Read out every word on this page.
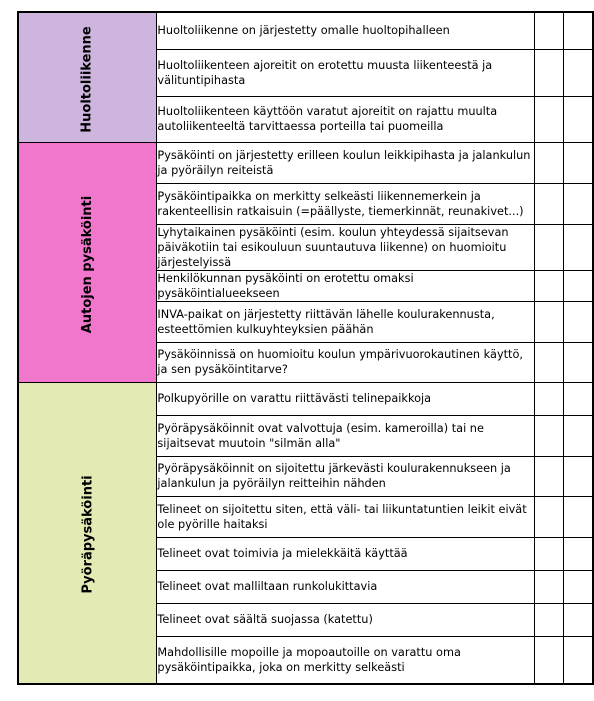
Huoltoliikenne	Huoltoliikenne on järjestetty omalle huoltopihalleen		
	Huoltoliikenteen ajoreitit on erotettu muusta liikenteestä ja välituntipihasta		
	Huoltoliikenteen käyttöön varatut ajoreitit on rajattu muulta autoliikenteeltä tarvittaessa porteilla tai puomeilla		
Autojen pysäköinti	Pysäköinti on järjestetty erilleen koulun leikkipihasta ja jalankulun ja pyöräilyn reiteistä		
	Pysäköintipaikka on merkitty selkeästi liikennemerkein ja rakenteellisin ratkaisuin (=päällyste, tiemerkinnät, reunakivet...)		
	Lyhytaikainen pysäköinti (esim. koulun yhteydessä sijaitsevan päiväkotiin tai esikouluun suuntautuva liikenne) on huomioitu järjestelyissä		
	Henkilökunnan pysäköinti on erotettu omaksi pysäköintialueekseen		
	INVA-paikat on järjestetty riittävän lähelle koulurakennusta, esteettömien kulkuyhteyksien päähän		
	Pysäköinnissä on huomioitu koulun ympärivuorokautinen käyttö, ja sen pysäköintitarve?		
Pyöräpysäköinti	Polkupyörille on varattu riittävästi telinepaikkoja		
	Pyöräpysäköinnit ovat valvottuja (esim. kameroilla) tai ne sijaitsevat muutoin "silmän alla"		
	Pyöräpysäköinnit on sijoitettu järkevästi koulurakennukseen ja jalankulun ja pyöräilyn reitteihin nähden		
	Telineet on sijoitettu siten, että väli- tai liikuntatuntien leikit eivät ole pyörille haitaksi		
	Telineet ovat toimivia ja mielekkäitä käyttää		
	Telineet ovat malliltaan runkolukittavia		
	Telineet ovat säältä suojassa (katettu)		
	Mahdollisille mopoille ja mopoautoille on varattu oma pysäköintipaikka, joka on merkitty selkeästi		
